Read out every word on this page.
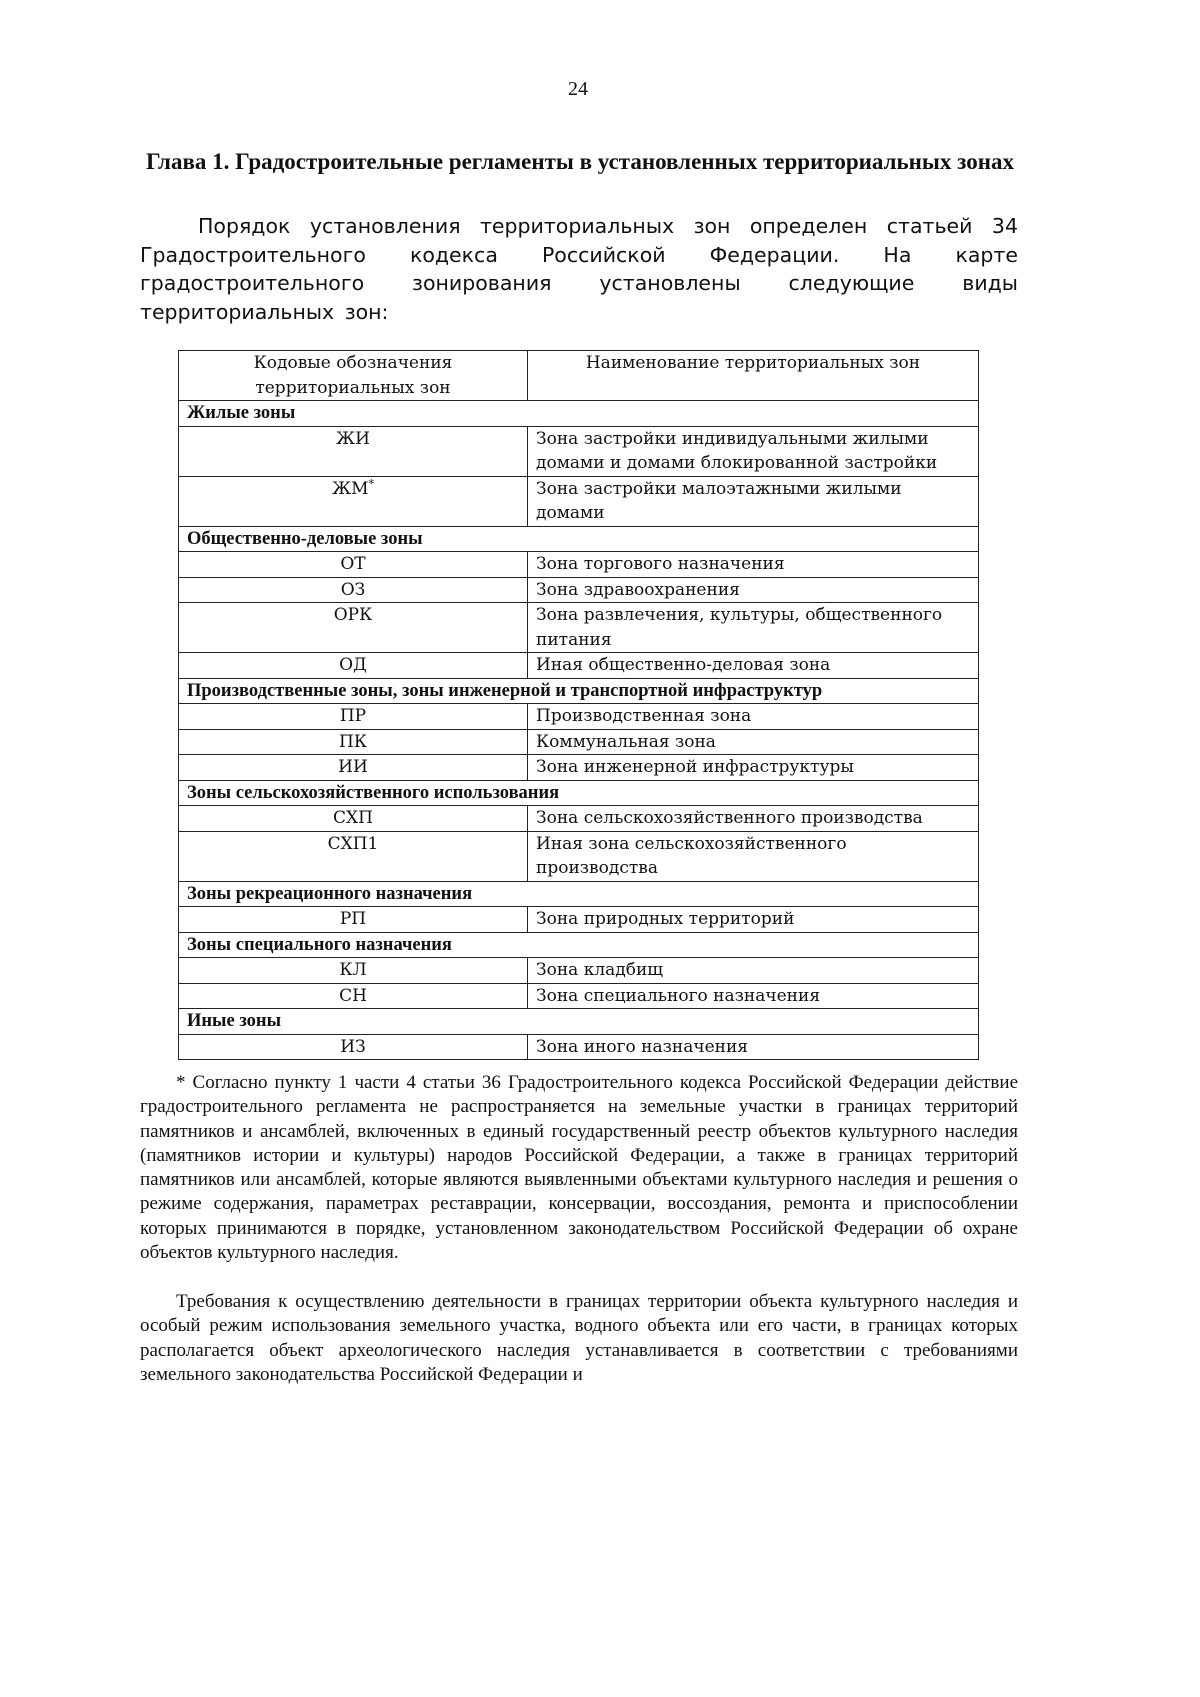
24
Глава 1. Градостроительные регламенты в установленных территориальных зонах
Порядок установления территориальных зон определен статьей 34 Градостроительного кодекса Российской Федерации. На карте градостроительного зонирования установлены следующие виды территориальных зон:
Кодовые обозначения территориальных зон	Наименование территориальных зон
Жилые зоны	
ЖИ	Зона застройки индивидуальными жилыми домами и домами блокированной застройки
ЖМ*	Зона застройки малоэтажными жилыми домами
Общественно-деловые зоны	
ОТ	Зона торгового назначения
ОЗ	Зона здравоохранения
ОРК	Зона развлечения, культуры, общественного питания
ОД	Иная общественно-деловая зона
Производственные зоны, зоны инженерной и транспортной инфраструктур	
ПР	Производственная зона
ПК	Коммунальная зона
ИИ	Зона инженерной инфраструктуры
Зоны сельскохозяйственного использования	
СХП	Зона сельскохозяйственного производства
СХП1	Иная зона сельскохозяйственного производства
Зоны рекреационного назначения	
РП	Зона природных территорий
Зоны специального назначения	
КЛ	Зона кладбищ
СН	Зона специального назначения
Иные зоны	
ИЗ	Зона иного назначения
* Согласно пункту 1 части 4 статьи 36 Градостроительного кодекса Российской Федерации действие градостроительного регламента не распространяется на земельные участки в границах территорий памятников и ансамблей, включенных в единый государственный реестр объектов культурного наследия (памятников истории и культуры) народов Российской Федерации, а также в границах территорий памятников или ансамблей, которые являются выявленными объектами культурного наследия и решения о режиме содержания, параметрах реставрации, консервации, воссоздания, ремонта и приспособлении которых принимаются в порядке, установленном законодательством Российской Федерации об охране объектов культурного наследия.
Требования к осуществлению деятельности в границах территории объекта культурного наследия и особый режим использования земельного участка, водного объекта или его части, в границах которых располагается объект археологического наследия устанавливается в соответствии с требованиями земельного законодательства Российской Федерации и
